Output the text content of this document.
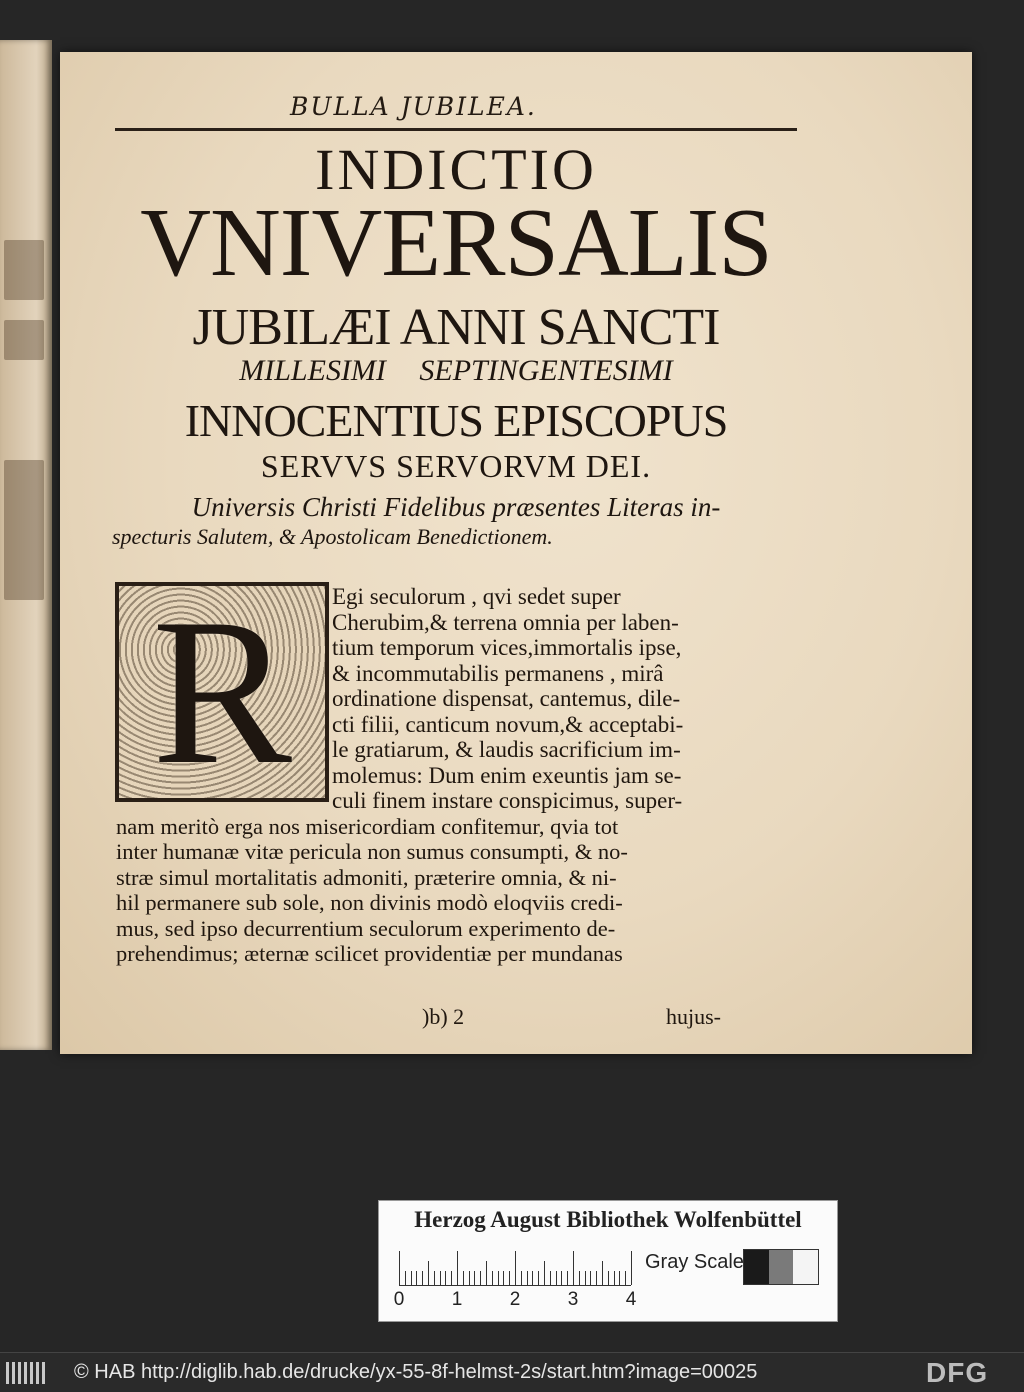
BULLA JUBILEA.
INDICTIO
VNIVERSALIS
JUBILÆI ANNI SANCTI
MILLESIMI SEPTINGENTESIMI
INNOCENTIUS EPISCOPUS
SERVVS SERVORVM DEI.
Universis Christi Fidelibus præsentes Literas in-
specturis Salutem, & Apostolicam Benedictionem.
R	Egi seculorum , qvi sedet super
Cherubim,& terrena omnia per laben-
tium temporum vices,immortalis ipse,
& incommutabilis permanens , mirâ
ordinatione dispensat, cantemus, dile-
cti filii, canticum novum,& acceptabi-
le gratiarum, & laudis sacrificium im-
molemus: Dum enim exeuntis jam se-
culi finem instare conspicimus, super-
nam meritò erga nos misericordiam confitemur, qvia tot
inter humanæ vitæ pericula non sumus consumpti, & no-
stræ simul mortalitatis admoniti, præterire omnia, & ni-
hil permanere sub sole, non divinis modò eloqviis credi-
mus, sed ipso decurrentium seculorum experimento de-
prehendimus; æternæ scilicet providentiæ per mundanas
)b) 2	hujus-
Herzog August Bibliothek Wolfenbüttel
0 1 2 3 4
Gray Scale
© HAB http://diglib.hab.de/drucke/yx-55-8f-helmst-2s/start.htm?image=00025	DFG
